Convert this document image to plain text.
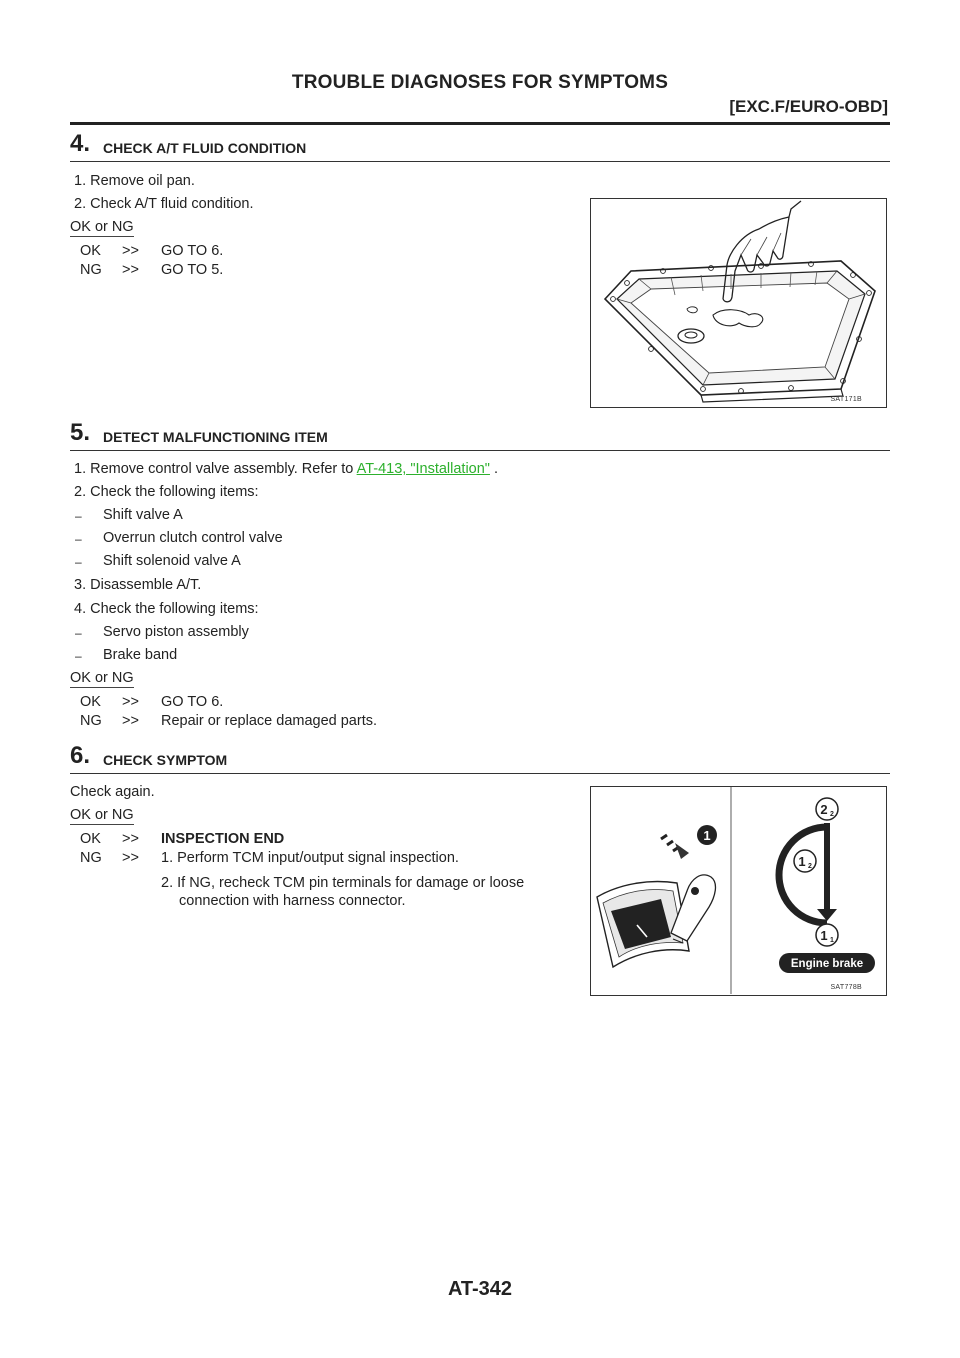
TROUBLE DIAGNOSES FOR SYMPTOMS
[EXC.F/EURO-OBD]
4. CHECK A/T FLUID CONDITION
1. Remove oil pan.
2. Check A/T fluid condition.
OK or NG
OK >> GO TO 6.
NG >> GO TO 5.
SAT171B
5. DETECT MALFUNCTIONING ITEM
1. Remove control valve assembly. Refer to AT-413, "Installation" .
2. Check the following items:
– Shift valve A
– Overrun clutch control valve
– Shift solenoid valve A
3. Disassemble A/T.
4. Check the following items:
– Servo piston assembly
– Brake band
OK or NG
OK >> GO TO 6.
NG >> Repair or replace damaged parts.
6. CHECK SYMPTOM
Check again.
OK or NG
OK >> INSPECTION END
NG >> 1. Perform TCM input/output signal inspection.
2. If NG, recheck TCM pin terminals for damage or loose
connection with harness connector.
1
2 2
1 2
1 1
Engine brake
SAT778B
AT-342
